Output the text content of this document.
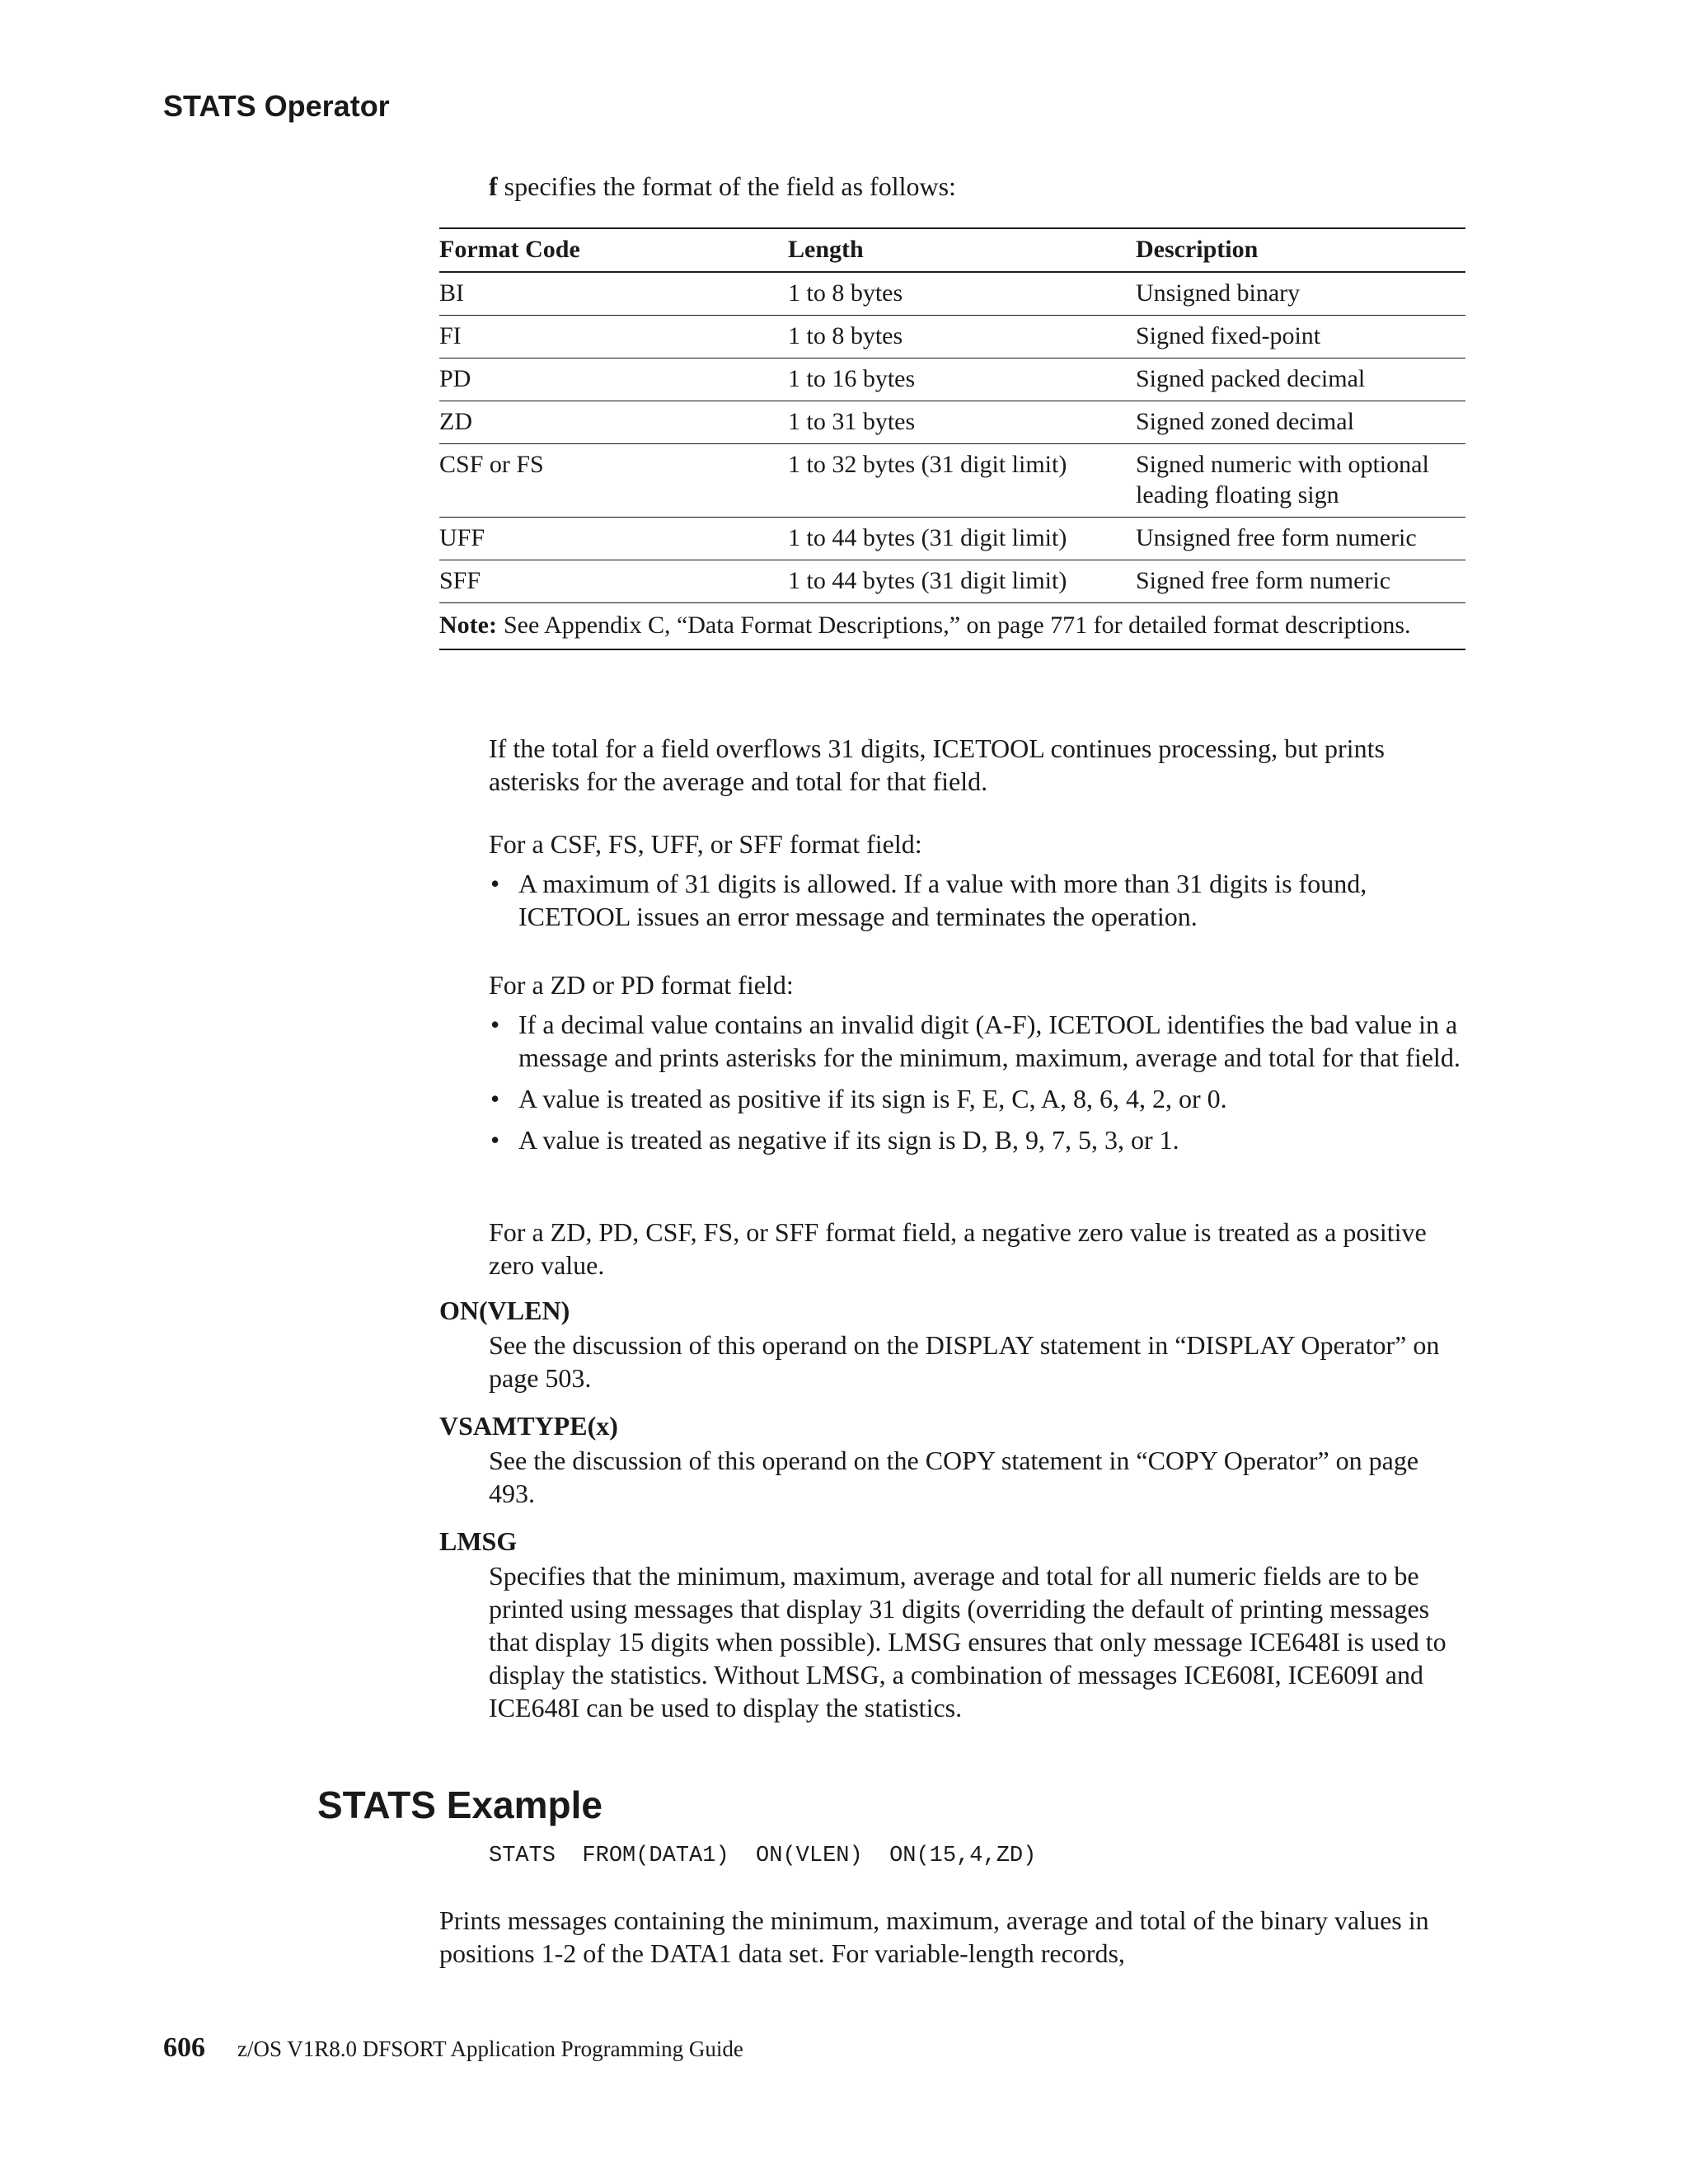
STATS Operator

f specifies the format of the field as follows:

Format Code	Length	Description
BI	1 to 8 bytes	Unsigned binary
FI	1 to 8 bytes	Signed fixed-point
PD	1 to 16 bytes	Signed packed decimal
ZD	1 to 31 bytes	Signed zoned decimal
CSF or FS	1 to 32 bytes (31 digit limit)	Signed numeric with optional leading floating sign
UFF	1 to 44 bytes (31 digit limit)	Unsigned free form numeric
SFF	1 to 44 bytes (31 digit limit)	Signed free form numeric
Note: See Appendix C, “Data Format Descriptions,” on page 771 for detailed format descriptions.		

If the total for a field overflows 31 digits, ICETOOL continues processing, but prints asterisks for the average and total for that field.

For a CSF, FS, UFF, or SFF format field:

• A maximum of 31 digits is allowed. If a value with more than 31 digits is found, ICETOOL issues an error message and terminates the operation.

For a ZD or PD format field:

• If a decimal value contains an invalid digit (A-F), ICETOOL identifies the bad value in a message and prints asterisks for the minimum, maximum, average and total for that field.
• A value is treated as positive if its sign is F, E, C, A, 8, 6, 4, 2, or 0.
• A value is treated as negative if its sign is D, B, 9, 7, 5, 3, or 1.

For a ZD, PD, CSF, FS, or SFF format field, a negative zero value is treated as a positive zero value.

ON(VLEN)

See the discussion of this operand on the DISPLAY statement in “DISPLAY Operator” on page 503.

VSAMTYPE(x)

See the discussion of this operand on the COPY statement in “COPY Operator” on page 493.

LMSG

Specifies that the minimum, maximum, average and total for all numeric fields are to be printed using messages that display 31 digits (overriding the default of printing messages that display 15 digits when possible). LMSG ensures that only message ICE648I is used to display the statistics. Without LMSG, a combination of messages ICE608I, ICE609I and ICE648I can be used to display the statistics.

STATS Example
STATS  FROM(DATA1)  ON(VLEN)  ON(15,4,ZD)

Prints messages containing the minimum, maximum, average and total of the binary values in positions 1-2 of the DATA1 data set. For variable-length records,

606 z/OS V1R8.0 DFSORT Application Programming Guide
